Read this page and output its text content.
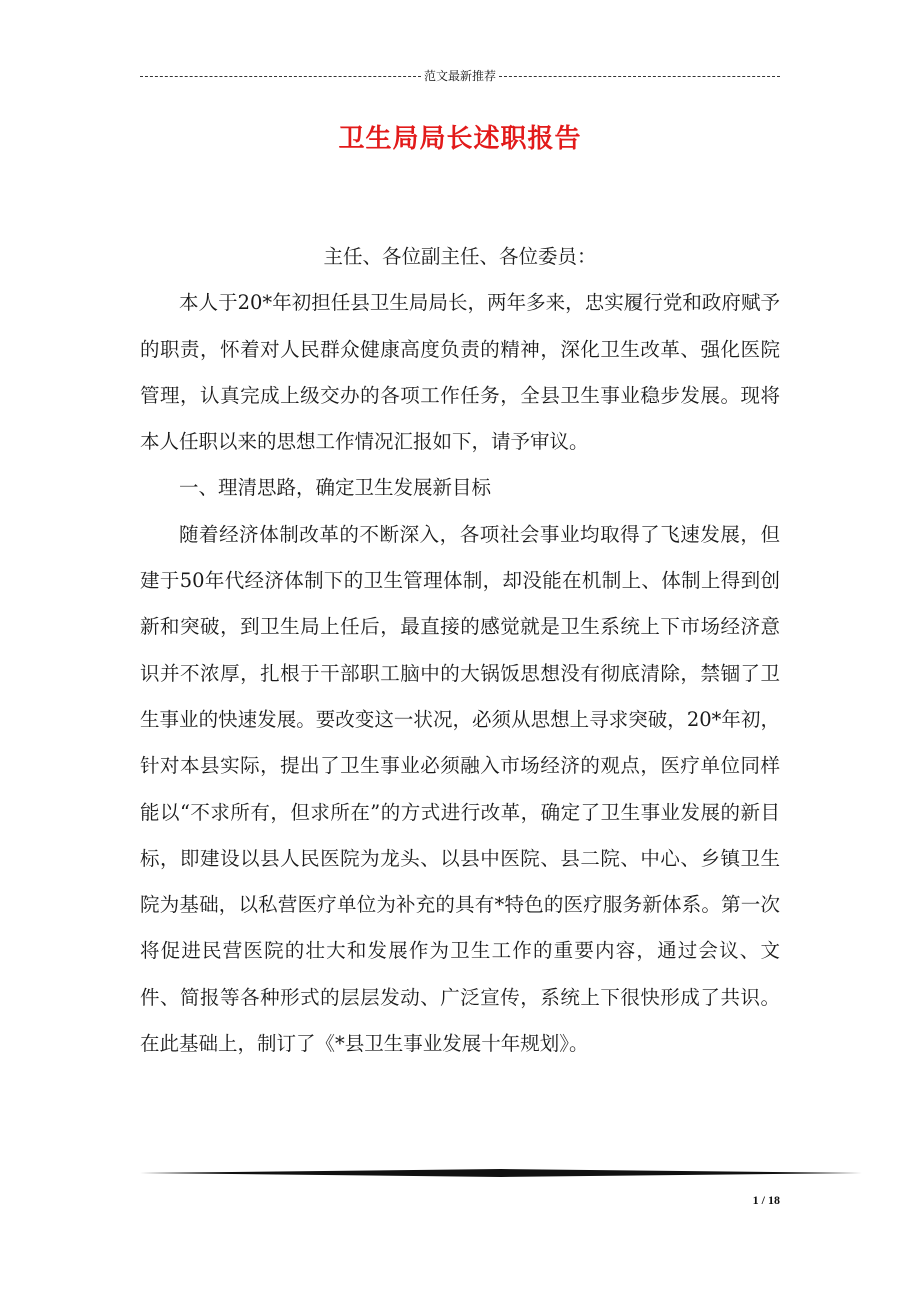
范文最新推荐
卫生局局长述职报告

主任、各位副主任、各位委员：

本人于20*年初担任县卫生局局长，两年多来，忠实履行党和政府赋予的职责，怀着对人民群众健康高度负责的精神，深化卫生改革、强化医院管理，认真完成上级交办的各项工作任务，全县卫生事业稳步发展。现将本人任职以来的思想工作情况汇报如下，请予审议。

一、理清思路，确定卫生发展新目标

随着经济体制改革的不断深入，各项社会事业均取得了飞速发展，但建于50年代经济体制下的卫生管理体制，却没能在机制上、体制上得到创新和突破，到卫生局上任后，最直接的感觉就是卫生系统上下市场经济意识并不浓厚，扎根于干部职工脑中的大锅饭思想没有彻底清除，禁锢了卫生事业的快速发展。要改变这一状况，必须从思想上寻求突破，20*年初，针对本县实际，提出了卫生事业必须融入市场经济的观点，医疗单位同样能以“不求所有，但求所在”的方式进行改革，确定了卫生事业发展的新目标，即建设以县人民医院为龙头、以县中医院、县二院、中心、乡镇卫生院为基础，以私营医疗单位为补充的具有*特色的医疗服务新体系。第一次将促进民营医院的壮大和发展作为卫生工作的重要内容，通过会议、文件、简报等各种形式的层层发动、广泛宣传，系统上下很快形成了共识。在此基础上，制订了《*县卫生事业发展十年规划》。

1 / 18
